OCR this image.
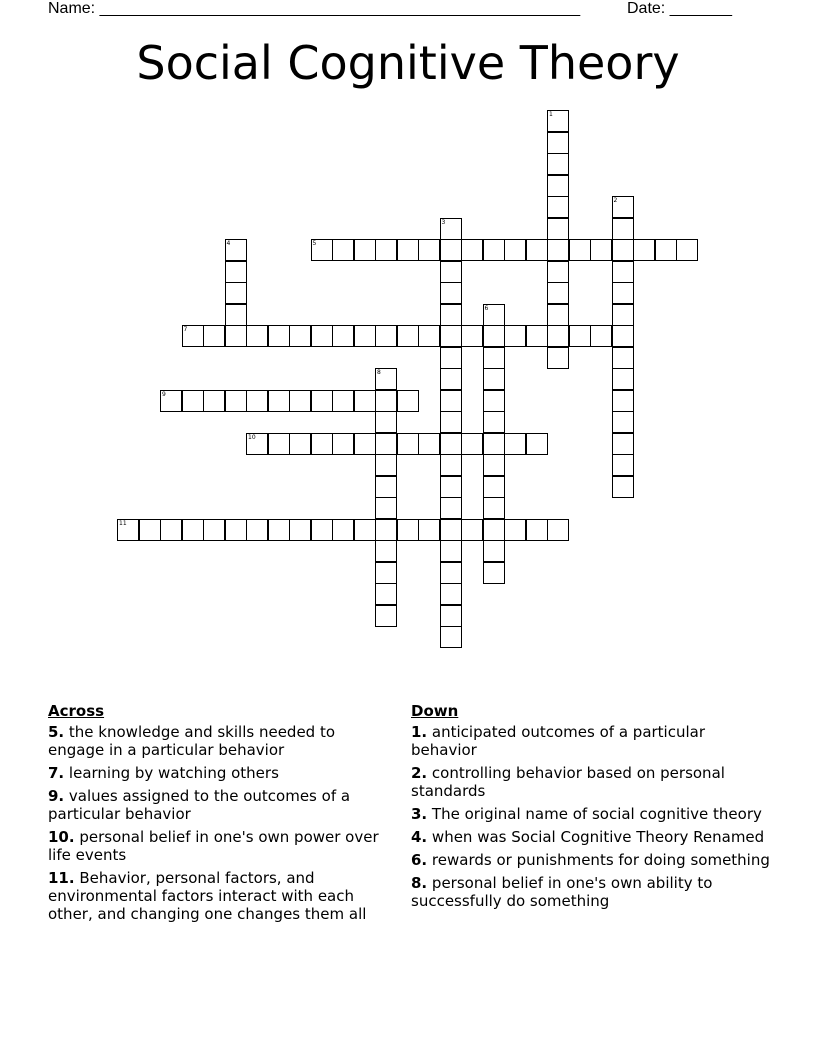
Name: ______________________________________________________	Date: _______
Social Cognitive Theory
1
2
3
4	5
6
7
8
9
10
11
Across
5. the knowledge and skills needed to engage in a particular behavior
7. learning by watching others
9. values assigned to the outcomes of a particular behavior
10. personal belief in one's own power over life events
11. Behavior, personal factors, and environmental factors interact with each other, and changing one changes them all
Down
1. anticipated outcomes of a particular behavior
2. controlling behavior based on personal standards
3. The original name of social cognitive theory
4. when was Social Cognitive Theory Renamed
6. rewards or punishments for doing something
8. personal belief in one's own ability to successfully do something
